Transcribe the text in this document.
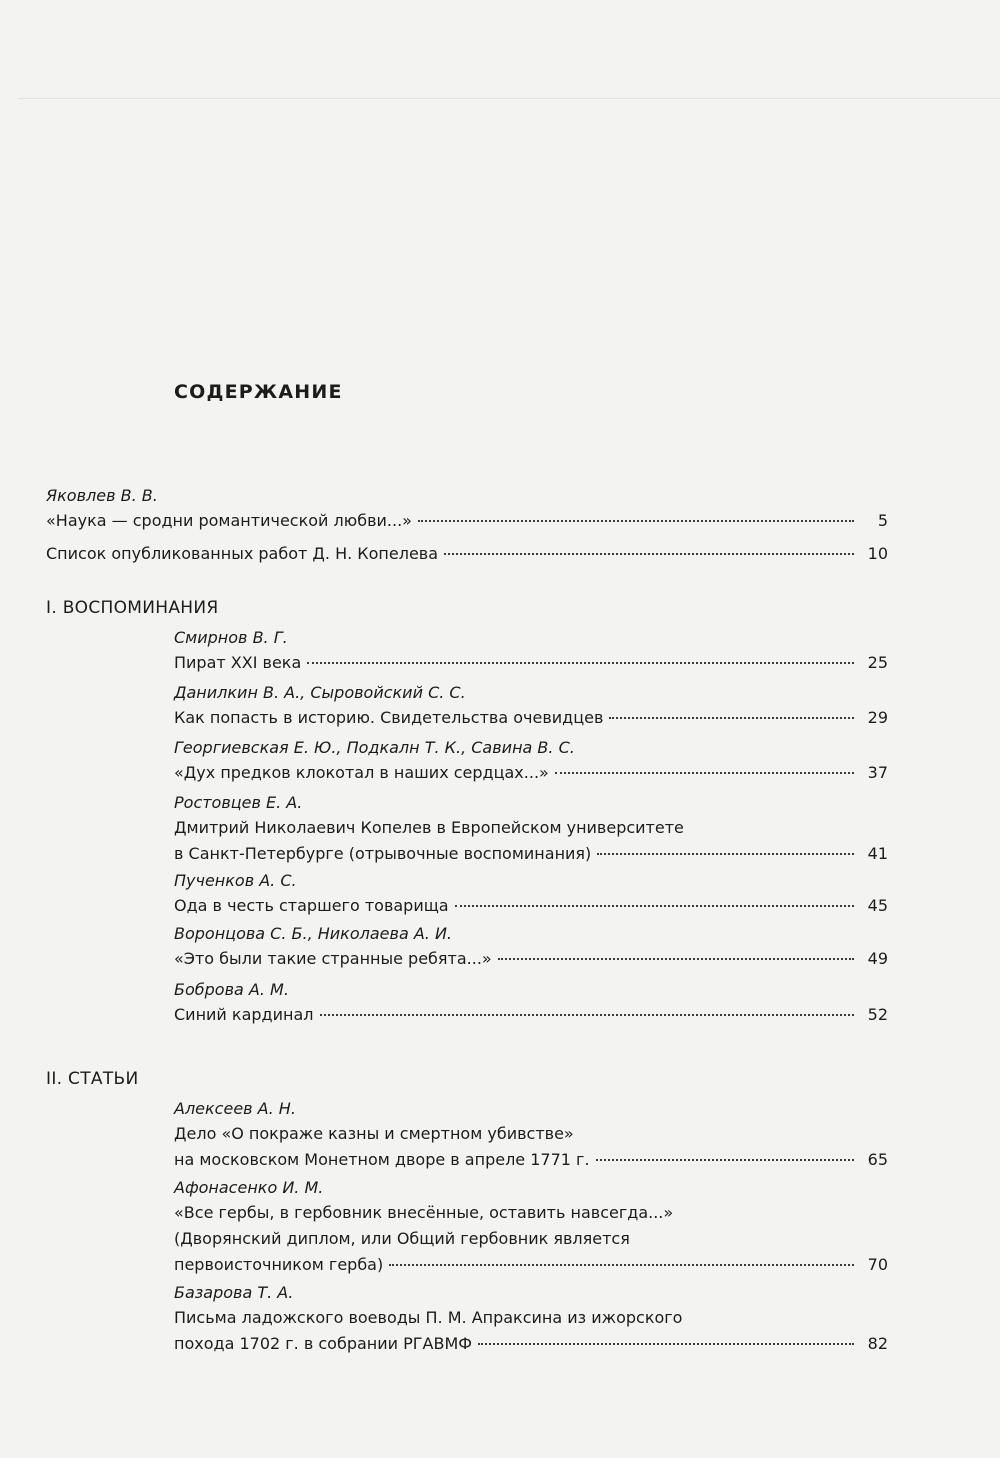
СОДЕРЖАНИЕ
Яковлев В. В.
«Наука — сродни романтической любви...»	5
Список опубликованных работ Д. Н. Копелева	10
I. ВОСПОМИНАНИЯ
Смирнов В. Г.
Пират XXI века	25
Данилкин В. А., Сыровойский С. С.
Как попасть в историю. Свидетельства очевидцев	29
Георгиевская Е. Ю., Подкалн Т. К., Савина В. С.
«Дух предков клокотал в наших сердцах...»	37
Ростовцев Е. А.
Дмитрий Николаевич Копелев в Европейском университете
в Санкт-Петербурге (отрывочные воспоминания)	41
Пученков А. С.
Ода в честь старшего товарища	45
Воронцова С. Б., Николаева А. И.
«Это были такие странные ребята...»	49
Боброва А. М.
Синий кардинал	52
II. СТАТЬИ
Алексеев А. Н.
Дело «О покраже казны и смертном убивстве»
на московском Монетном дворе в апреле 1771 г.	65
Афонасенко И. М.
«Все гербы, в гербовник внесённые, оставить навсегда...»
(Дворянский диплом, или Общий гербовник является
первоисточником герба)	70
Базарова Т. А.
Письма ладожского воеводы П. М. Апраксина из ижорского
похода 1702 г. в собрании РГАВМФ	82
